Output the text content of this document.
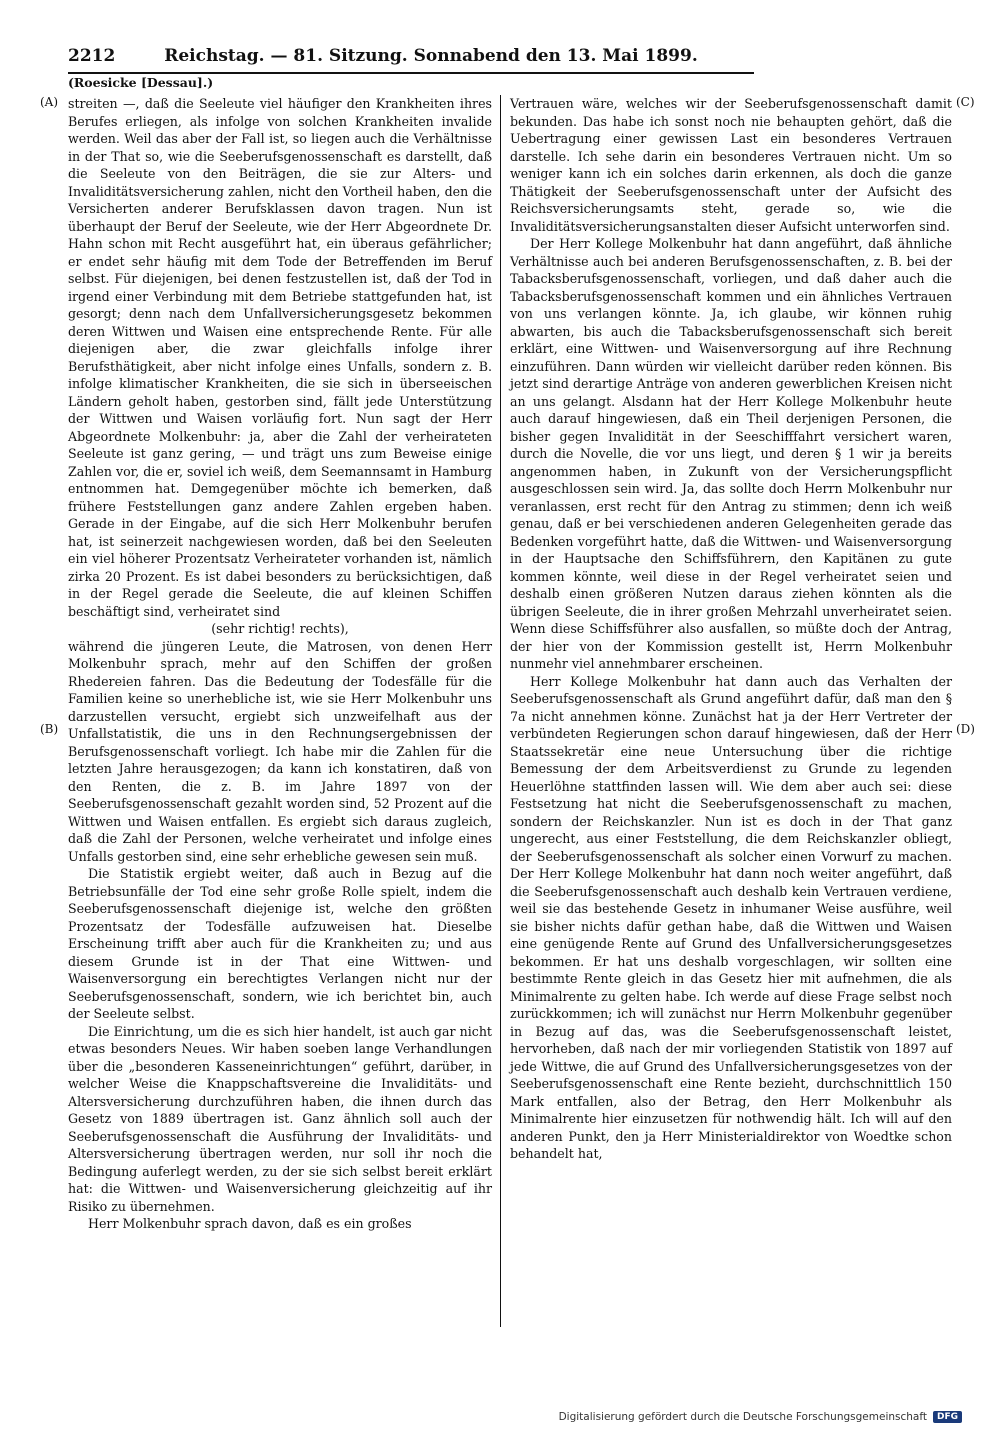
2212	Reichstag. — 81. Sitzung. Sonnabend den 13. Mai 1899.
(Roesicke [Dessau].)
(A)
(B)
(C)
(D)

streiten —, daß die Seeleute viel häufiger den Krankheiten ihres Berufes erliegen, als infolge von solchen Krankheiten invalide werden. Weil das aber der Fall ist, so liegen auch die Verhältnisse in der That so, wie die Seeberufsgenossenschaft es darstellt, daß die Seeleute von den Beiträgen, die sie zur Alters- und Invaliditätsversicherung zahlen, nicht den Vortheil haben, den die Versicherten anderer Berufsklassen davon tragen. Nun ist überhaupt der Beruf der Seeleute, wie der Herr Abgeordnete Dr. Hahn schon mit Recht ausgeführt hat, ein überaus gefährlicher; er endet sehr häufig mit dem Tode der Betreffenden im Beruf selbst. Für diejenigen, bei denen festzustellen ist, daß der Tod in irgend einer Verbindung mit dem Betriebe stattgefunden hat, ist gesorgt; denn nach dem Unfallversicherungsgesetz bekommen deren Wittwen und Waisen eine entsprechende Rente. Für alle diejenigen aber, die zwar gleichfalls infolge ihrer Berufsthätigkeit, aber nicht infolge eines Unfalls, sondern z. B. infolge klimatischer Krankheiten, die sie sich in überseeischen Ländern geholt haben, gestorben sind, fällt jede Unterstützung der Wittwen und Waisen vorläufig fort. Nun sagt der Herr Abgeordnete Molkenbuhr: ja, aber die Zahl der verheirateten Seeleute ist ganz gering, — und trägt uns zum Beweise einige Zahlen vor, die er, soviel ich weiß, dem Seemannsamt in Hamburg entnommen hat. Demgegenüber möchte ich bemerken, daß frühere Feststellungen ganz andere Zahlen ergeben haben. Gerade in der Eingabe, auf die sich Herr Molkenbuhr berufen hat, ist seinerzeit nachgewiesen worden, daß bei den Seeleuten ein viel höherer Prozentsatz Verheirateter vorhanden ist, nämlich zirka 20 Prozent. Es ist dabei besonders zu berücksichtigen, daß in der Regel gerade die Seeleute, die auf kleinen Schiffen beschäftigt sind, verheiratet sind

(sehr richtig! rechts),

während die jüngeren Leute, die Matrosen, von denen Herr Molkenbuhr sprach, mehr auf den Schiffen der großen Rhedereien fahren. Das die Bedeutung der Todesfälle für die Familien keine so unerhebliche ist, wie sie Herr Molkenbuhr uns darzustellen versucht, ergiebt sich unzweifelhaft aus der Unfallstatistik, die uns in den Rechnungsergebnissen der Berufsgenossenschaft vorliegt. Ich habe mir die Zahlen für die letzten Jahre herausgezogen; da kann ich konstatiren, daß von den Renten, die z. B. im Jahre 1897 von der Seeberufsgenossenschaft gezahlt worden sind, 52 Prozent auf die Wittwen und Waisen entfallen. Es ergiebt sich daraus zugleich, daß die Zahl der Personen, welche verheiratet und infolge eines Unfalls gestorben sind, eine sehr erhebliche gewesen sein muß.

Die Statistik ergiebt weiter, daß auch in Bezug auf die Betriebsunfälle der Tod eine sehr große Rolle spielt, indem die Seeberufsgenossenschaft diejenige ist, welche den größten Prozentsatz der Todesfälle aufzuweisen hat. Dieselbe Erscheinung trifft aber auch für die Krankheiten zu; und aus diesem Grunde ist in der That eine Wittwen- und Waisenversorgung ein berechtigtes Verlangen nicht nur der Seeberufsgenossenschaft, sondern, wie ich berichtet bin, auch der Seeleute selbst.

Die Einrichtung, um die es sich hier handelt, ist auch gar nicht etwas besonders Neues. Wir haben soeben lange Verhandlungen über die „besonderen Kasseneinrichtungen“ geführt, darüber, in welcher Weise die Knappschaftsvereine die Invaliditäts- und Altersversicherung durchzuführen haben, die ihnen durch das Gesetz von 1889 übertragen ist. Ganz ähnlich soll auch der Seeberufsgenossenschaft die Ausführung der Invaliditäts- und Altersversicherung übertragen werden, nur soll ihr noch die Bedingung auferlegt werden, zu der sie sich selbst bereit erklärt hat: die Wittwen- und Waisenversicherung gleichzeitig auf ihr Risiko zu übernehmen.

Herr Molkenbuhr sprach davon, daß es ein großes

Vertrauen wäre, welches wir der Seeberufsgenossenschaft damit bekunden. Das habe ich sonst noch nie behaupten gehört, daß die Uebertragung einer gewissen Last ein besonderes Vertrauen darstelle. Ich sehe darin ein besonderes Vertrauen nicht. Um so weniger kann ich ein solches darin erkennen, als doch die ganze Thätigkeit der Seeberufsgenossenschaft unter der Aufsicht des Reichsversicherungsamts steht, gerade so, wie die Invaliditätsversicherungsanstalten dieser Aufsicht unterworfen sind.

Der Herr Kollege Molkenbuhr hat dann angeführt, daß ähnliche Verhältnisse auch bei anderen Berufsgenossenschaften, z. B. bei der Tabacksberufsgenossenschaft, vorliegen, und daß daher auch die Tabacksberufsgenossenschaft kommen und ein ähnliches Vertrauen von uns verlangen könnte. Ja, ich glaube, wir können ruhig abwarten, bis auch die Tabacksberufsgenossenschaft sich bereit erklärt, eine Wittwen- und Waisenversorgung auf ihre Rechnung einzuführen. Dann würden wir vielleicht darüber reden können. Bis jetzt sind derartige Anträge von anderen gewerblichen Kreisen nicht an uns gelangt. Alsdann hat der Herr Kollege Molkenbuhr heute auch darauf hingewiesen, daß ein Theil derjenigen Personen, die bisher gegen Invalidität in der Seeschifffahrt versichert waren, durch die Novelle, die vor uns liegt, und deren § 1 wir ja bereits angenommen haben, in Zukunft von der Versicherungspflicht ausgeschlossen sein wird. Ja, das sollte doch Herrn Molkenbuhr nur veranlassen, erst recht für den Antrag zu stimmen; denn ich weiß genau, daß er bei verschiedenen anderen Gelegenheiten gerade das Bedenken vorgeführt hatte, daß die Wittwen- und Waisenversorgung in der Hauptsache den Schiffsführern, den Kapitänen zu gute kommen könnte, weil diese in der Regel verheiratet seien und deshalb einen größeren Nutzen daraus ziehen könnten als die übrigen Seeleute, die in ihrer großen Mehrzahl unverheiratet seien. Wenn diese Schiffsführer also ausfallen, so müßte doch der Antrag, der hier von der Kommission gestellt ist, Herrn Molkenbuhr nunmehr viel annehmbarer erscheinen.

Herr Kollege Molkenbuhr hat dann auch das Verhalten der Seeberufsgenossenschaft als Grund angeführt dafür, daß man den § 7a nicht annehmen könne. Zunächst hat ja der Herr Vertreter der verbündeten Regierungen schon darauf hingewiesen, daß der Herr Staatssekretär eine neue Untersuchung über die richtige Bemessung der dem Arbeitsverdienst zu Grunde zu legenden Heuerlöhne stattfinden lassen will. Wie dem aber auch sei: diese Festsetzung hat nicht die Seeberufsgenossenschaft zu machen, sondern der Reichskanzler. Nun ist es doch in der That ganz ungerecht, aus einer Feststellung, die dem Reichskanzler obliegt, der Seeberufsgenossenschaft als solcher einen Vorwurf zu machen. Der Herr Kollege Molkenbuhr hat dann noch weiter angeführt, daß die Seeberufsgenossenschaft auch deshalb kein Vertrauen verdiene, weil sie das bestehende Gesetz in inhumaner Weise ausführe, weil sie bisher nichts dafür gethan habe, daß die Wittwen und Waisen eine genügende Rente auf Grund des Unfallversicherungsgesetzes bekommen. Er hat uns deshalb vorgeschlagen, wir sollten eine bestimmte Rente gleich in das Gesetz hier mit aufnehmen, die als Minimalrente zu gelten habe. Ich werde auf diese Frage selbst noch zurückkommen; ich will zunächst nur Herrn Molkenbuhr gegenüber in Bezug auf das, was die Seeberufsgenossenschaft leistet, hervorheben, daß nach der mir vorliegenden Statistik von 1897 auf jede Wittwe, die auf Grund des Unfallversicherungsgesetzes von der Seeberufsgenossenschaft eine Rente bezieht, durchschnittlich 150 Mark entfallen, also der Betrag, den Herr Molkenbuhr als Minimalrente hier einzusetzen für nothwendig hält. Ich will auf den anderen Punkt, den ja Herr Ministerialdirektor von Woedtke schon behandelt hat,

Digitalisierung gefördert durch die Deutsche Forschungsgemeinschaft	DFG
